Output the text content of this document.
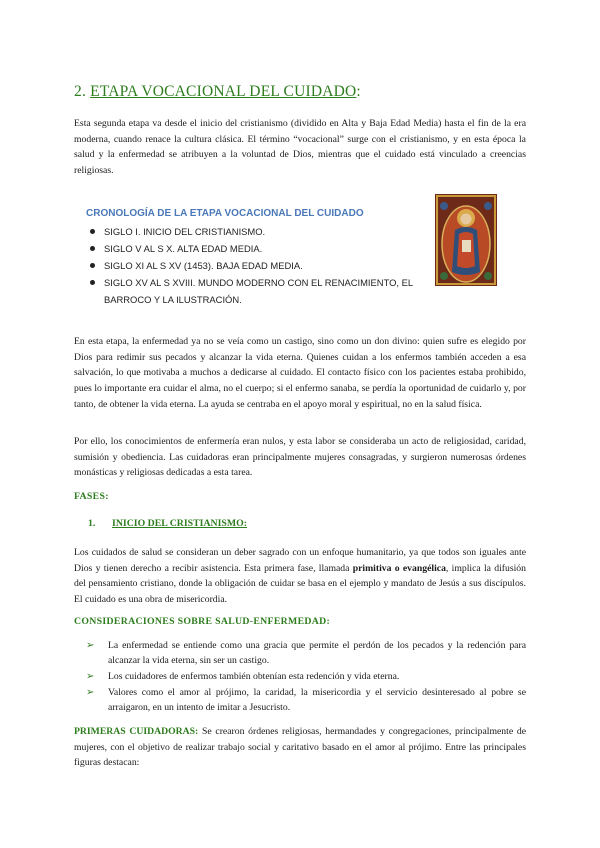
2. ETAPA VOCACIONAL DEL CUIDADO:

Esta segunda etapa va desde el inicio del cristianismo (dividido en Alta y Baja Edad Media) hasta el fin de la era moderna, cuando renace la cultura clásica. El término “vocacional” surge con el cristianismo, y en esta época la salud y la enfermedad se atribuyen a la voluntad de Dios, mientras que el cuidado está vinculado a creencias religiosas.

CRONOLOGÍA DE LA ETAPA VOCACIONAL DEL CUIDADO
SIGLO I. INICIO DEL CRISTIANISMO.
SIGLO V AL S X. ALTA EDAD MEDIA.
SIGLO XI AL S XV (1453). BAJA EDAD MEDIA.
SIGLO XV AL S XVIII. MUNDO MODERNO CON EL RENACIMIENTO, EL BARROCO Y LA ILUSTRACIÓN.

En esta etapa, la enfermedad ya no se veía como un castigo, sino como un don divino: quien sufre es elegido por Dios para redimir sus pecados y alcanzar la vida eterna. Quienes cuidan a los enfermos también acceden a esa salvación, lo que motivaba a muchos a dedicarse al cuidado. El contacto físico con los pacientes estaba prohibido, pues lo importante era cuidar el alma, no el cuerpo; si el enfermo sanaba, se perdía la oportunidad de cuidarlo y, por tanto, de obtener la vida eterna. La ayuda se centraba en el apoyo moral y espiritual, no en la salud física.

Por ello, los conocimientos de enfermería eran nulos, y esta labor se consideraba un acto de religiosidad, caridad, sumisión y obediencia. Las cuidadoras eran principalmente mujeres consagradas, y surgieron numerosas órdenes monásticas y religiosas dedicadas a esta tarea.

FASES:
1. INICIO DEL CRISTIANISMO:

Los cuidados de salud se consideran un deber sagrado con un enfoque humanitario, ya que todos son iguales ante Dios y tienen derecho a recibir asistencia. Esta primera fase, llamada primitiva o evangélica, implica la difusión del pensamiento cristiano, donde la obligación de cuidar se basa en el ejemplo y mandato de Jesús a sus discípulos. El cuidado es una obra de misericordia.

CONSIDERACIONES SOBRE SALUD-ENFERMEDAD:
➢ La enfermedad se entiende como una gracia que permite el perdón de los pecados y la redención para alcanzar la vida eterna, sin ser un castigo.
➢ Los cuidadores de enfermos también obtenían esta redención y vida eterna.
➢ Valores como el amor al prójimo, la caridad, la misericordia y el servicio desinteresado al pobre se arraigaron, en un intento de imitar a Jesucristo.

PRIMERAS CUIDADORAS: Se crearon órdenes religiosas, hermandades y congregaciones, principalmente de mujeres, con el objetivo de realizar trabajo social y caritativo basado en el amor al prójimo. Entre las principales figuras destacan:
